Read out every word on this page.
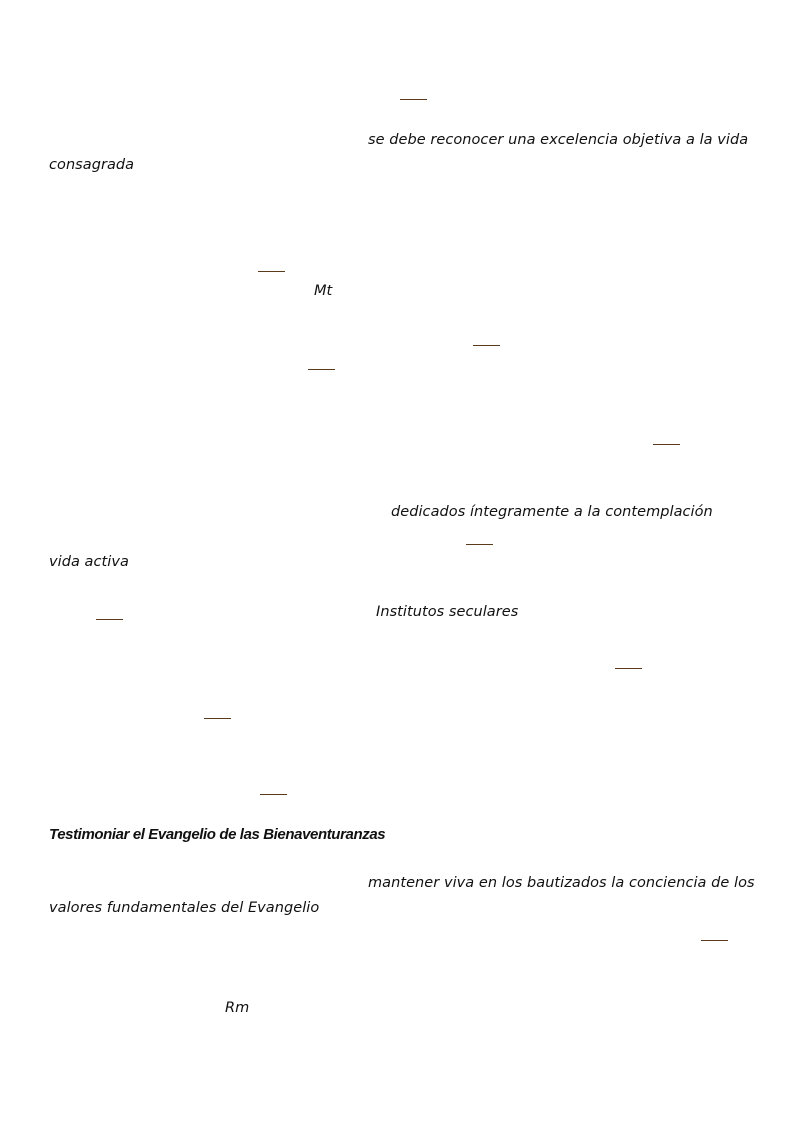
se debe reconocer una excelencia objetiva a la vida
consagrada
Mt
dedicados íntegramente a la contemplación
vida activa
Institutos seculares
Testimoniar el Evangelio de las Bienaventuranzas
mantener viva en los bautizados la conciencia de los
valores fundamentales del Evangelio
Rm
